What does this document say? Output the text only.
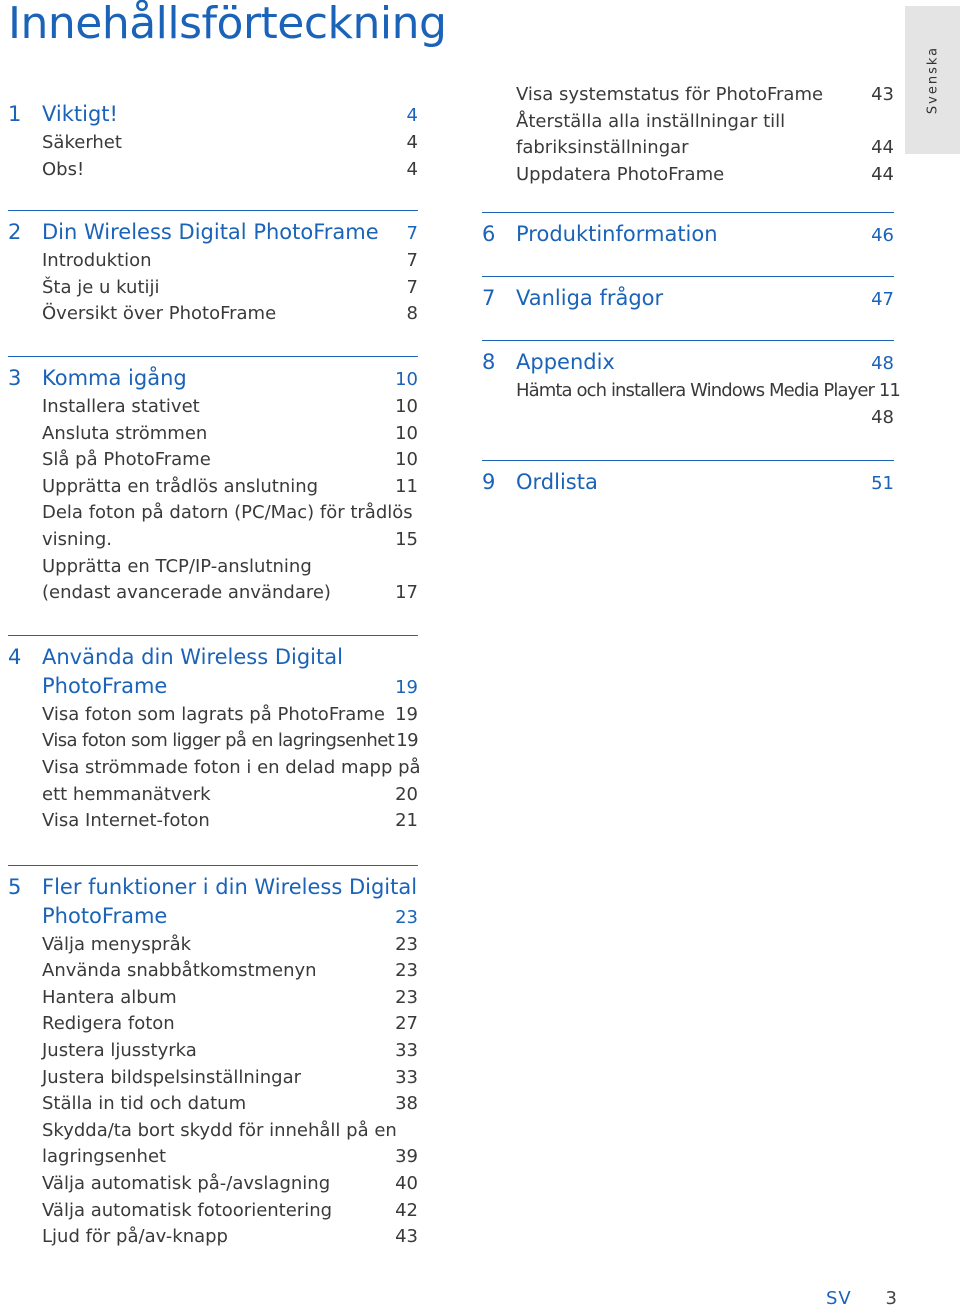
Innehållsförteckning
Svenska
1 Viktigt!	4
Säkerhet	4
Obs!	4
2 Din Wireless Digital PhotoFrame	7
Introduktion	7
Šta je u kutiji	7
Översikt över PhotoFrame	8
3 Komma igång	10
Installera stativet	10
Ansluta strömmen	10
Slå på PhotoFrame	10
Upprätta en trådlös anslutning	11
Dela foton på datorn (PC/Mac) för trådlös
visning.	15
Upprätta en TCP/IP-anslutning
(endast avancerade användare)	17
4 Använda din Wireless Digital
PhotoFrame	19
Visa foton som lagrats på PhotoFrame 19
Visa foton som ligger på en lagringsenhet 19
Visa strömmade foton i en delad mapp på
ett hemmanätverk	20
Visa Internet-foton	21
5 Fler funktioner i din Wireless Digital
PhotoFrame	23
Välja menyspråk	23
Använda snabbåtkomstmenyn	23
Hantera album	23
Redigera foton	27
Justera ljusstyrka	33
Justera bildspelsinställningar	33
Ställa in tid och datum	38
Skydda/ta bort skydd för innehåll på en
lagringsenhet	39
Välja automatisk på-/avslagning	40
Välja automatisk fotoorientering	42
Ljud för på/av-knapp	43
Visa systemstatus för PhotoFrame	43
Återställa alla inställningar till
fabriksinställningar	44
Uppdatera PhotoFrame	44
6 Produktinformation	46
7 Vanliga frågor	47
8 Appendix	48
Hämta och installera Windows Media Player 11
48
9 Ordlista	51
SV 3
